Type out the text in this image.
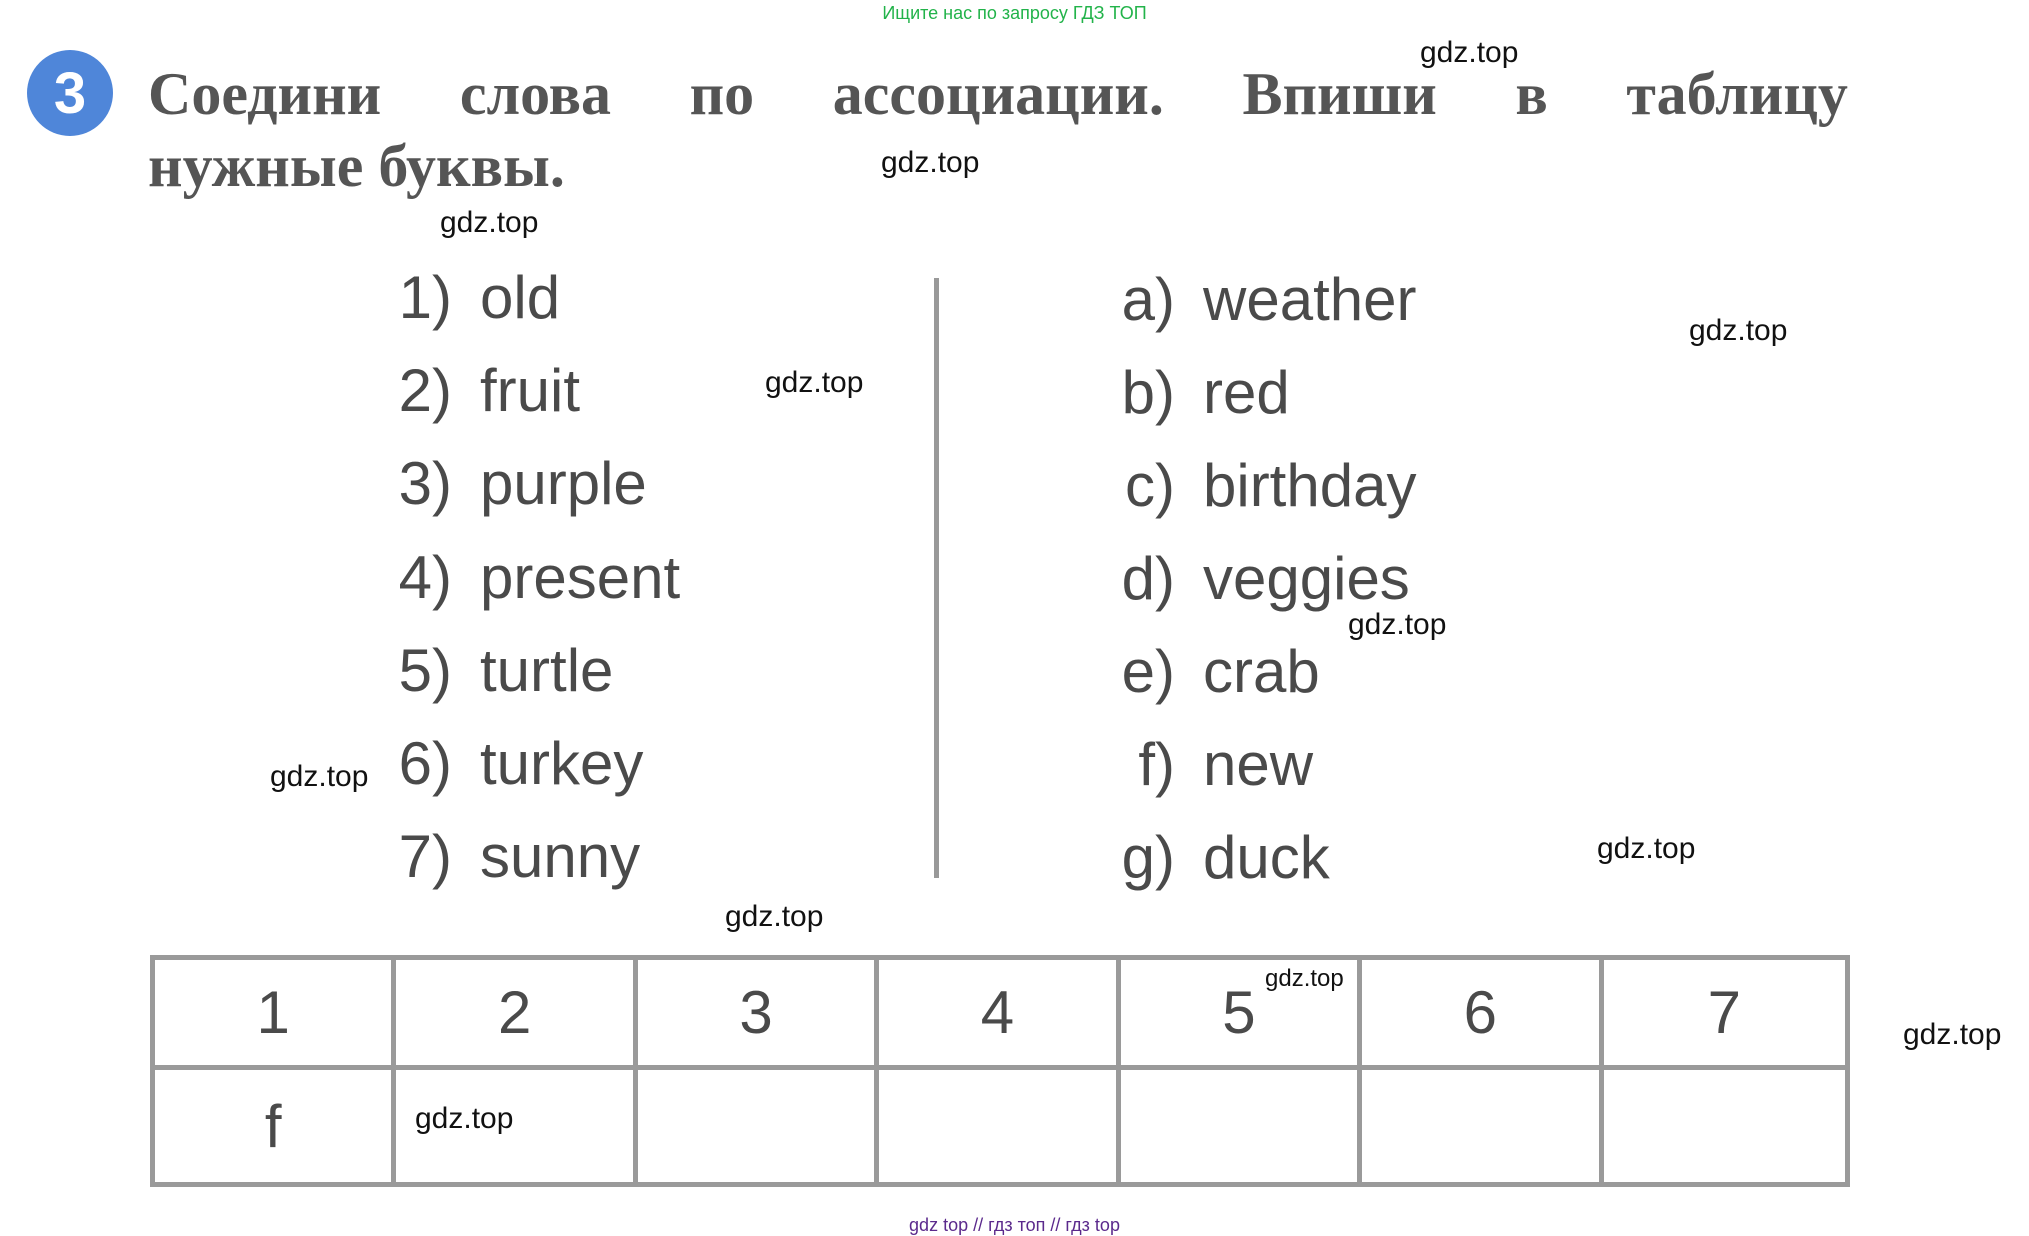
Ищите нас по запросу ГДЗ ТОП
3	Соедини слова по ассоциации. Впиши в таблицу
нужные буквы.
1) old
2) fruit
3) purple
4) present
5) turtle
6) turkey
7) sunny
a) weather
b) red
c) birthday
d) veggies
e) crab
f) new
g) duck
1	2	3	4	5	6	7
f
gdz.top
gdz.top
gdz.top
gdz.top
gdz.top
gdz.top
gdz.top
gdz.top
gdz.top
gdz.top
gdz.top
gdz.top
gdz top // гдз топ // гдз top
